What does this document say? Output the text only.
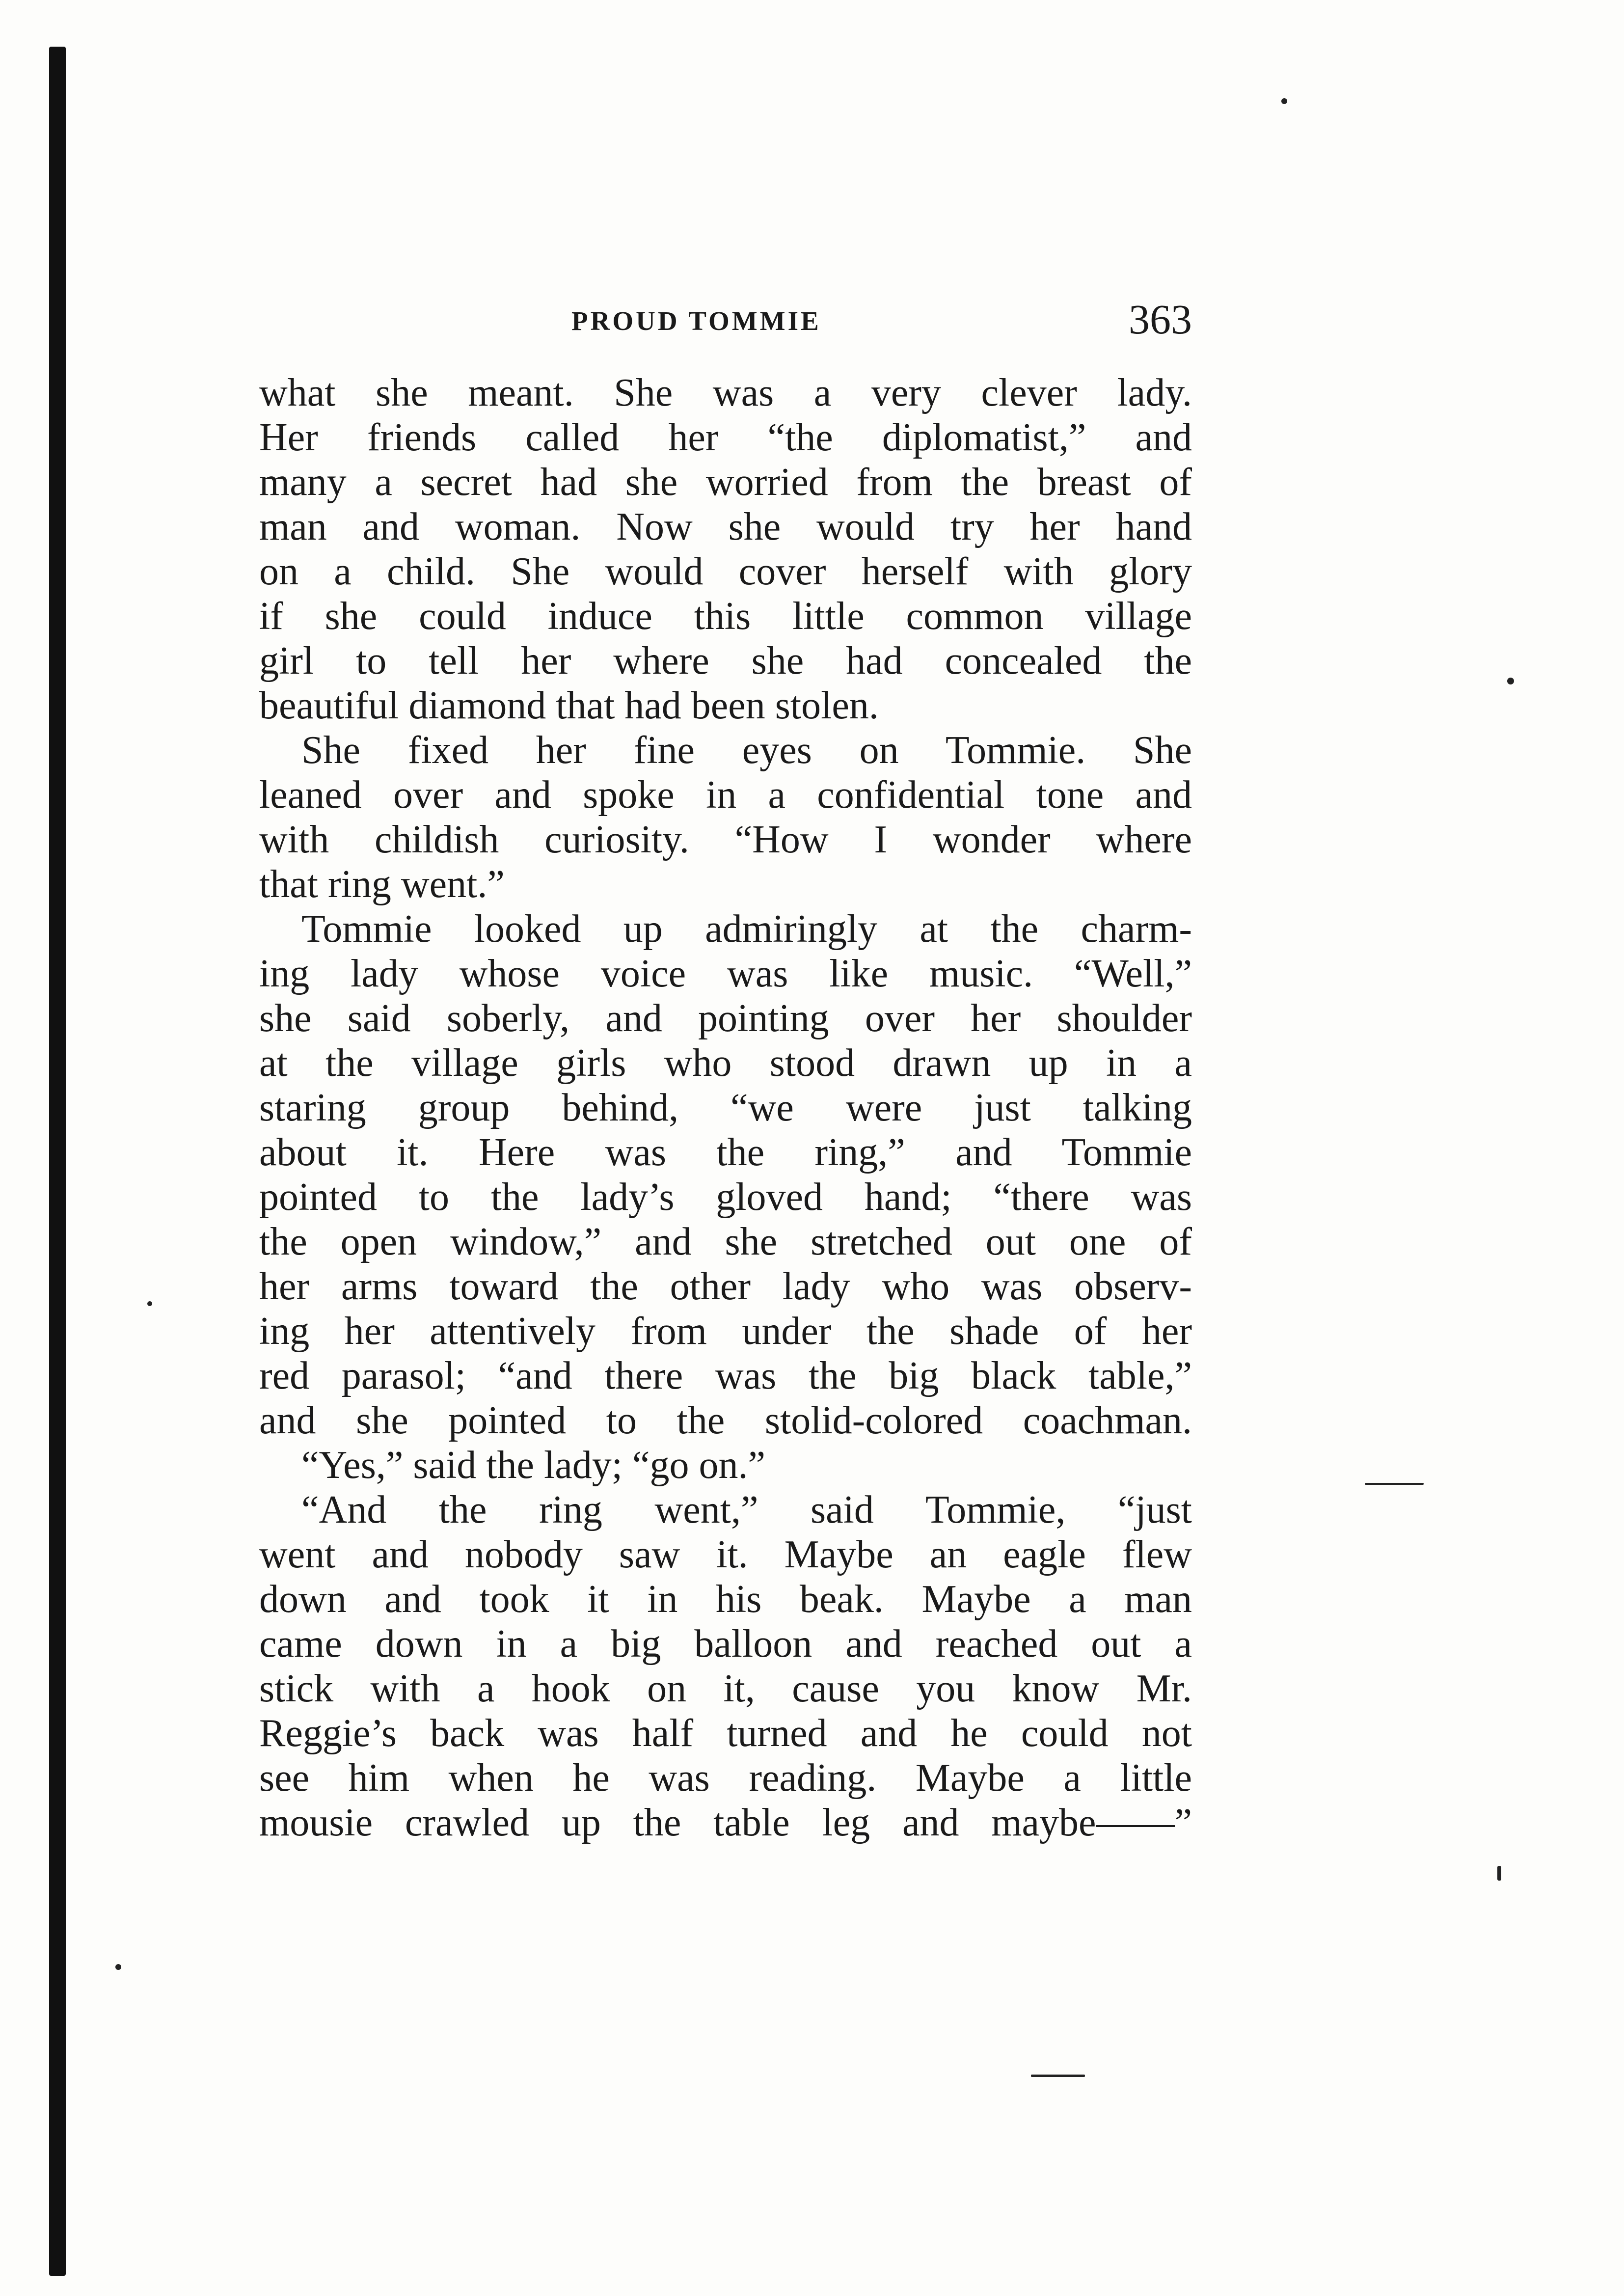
PROUD TOMMIE	363
what she meant. She was a very clever lady.
Her friends called her “the diplomatist,” and
many a secret had she worried from the breast of
man and woman. Now she would try her hand
on a child. She would cover herself with glory
if she could induce this little common village
girl to tell her where she had concealed the
beautiful diamond that had been stolen.
She fixed her fine eyes on Tommie. She
leaned over and spoke in a confidential tone and
with childish curiosity. “How I wonder where
that ring went.”
Tommie looked up admiringly at the charm-
ing lady whose voice was like music. “Well,”
she said soberly, and pointing over her shoulder
at the village girls who stood drawn up in a
staring group behind, “we were just talking
about it. Here was the ring,” and Tommie
pointed to the lady’s gloved hand; “there was
the open window,” and she stretched out one of
her arms toward the other lady who was observ-
ing her attentively from under the shade of her
red parasol; “and there was the big black table,”
and she pointed to the stolid-colored coachman.
“Yes,” said the lady; “go on.”
“And the ring went,” said Tommie, “just
went and nobody saw it. Maybe an eagle flew
down and took it in his beak. Maybe a man
came down in a big balloon and reached out a
stick with a hook on it, cause you know Mr.
Reggie’s back was half turned and he could not
see him when he was reading. Maybe a little
mousie crawled up the table leg and maybe——”
